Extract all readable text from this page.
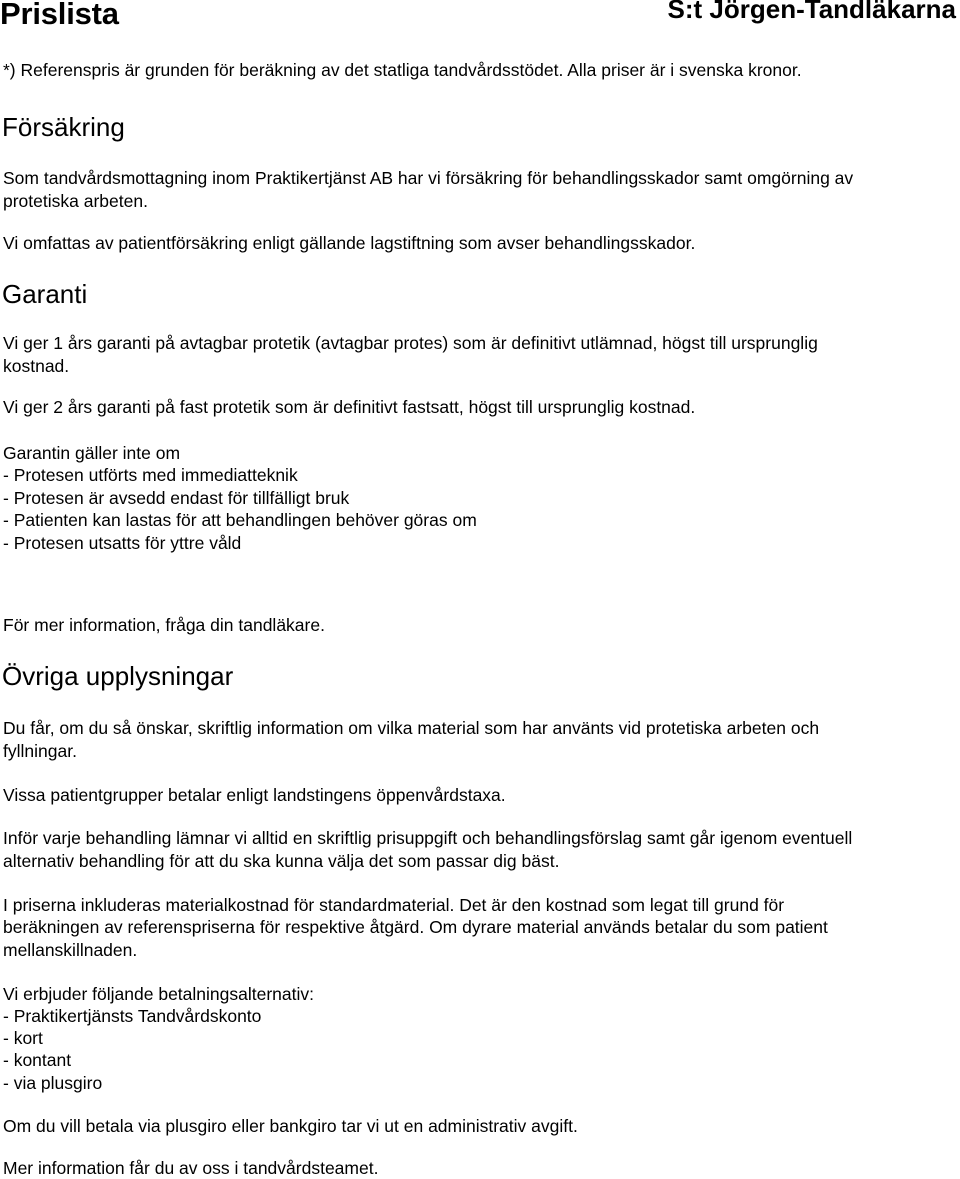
Prislista	S:t Jörgen-Tandläkarna
*) Referenspris är grunden för beräkning av det statliga tandvårdsstödet. Alla priser är i svenska kronor.
Försäkring
Som tandvårdsmottagning inom Praktikertjänst AB har vi försäkring för behandlingsskador samt omgörning av
protetiska arbeten.
Vi omfattas av patientförsäkring enligt gällande lagstiftning som avser behandlingsskador.
Garanti
Vi ger 1 års garanti på avtagbar protetik (avtagbar protes) som är definitivt utlämnad, högst till ursprunglig
kostnad.
Vi ger 2 års garanti på fast protetik som är definitivt fastsatt, högst till ursprunglig kostnad.
Garantin gäller inte om
- Protesen utförts med immediatteknik
- Protesen är avsedd endast för tillfälligt bruk
- Patienten kan lastas för att behandlingen behöver göras om
- Protesen utsatts för yttre våld
För mer information, fråga din tandläkare.
Övriga upplysningar
Du får, om du så önskar, skriftlig information om vilka material som har använts vid protetiska arbeten och
fyllningar.
Vissa patientgrupper betalar enligt landstingens öppenvårdstaxa.
Inför varje behandling lämnar vi alltid en skriftlig prisuppgift och behandlingsförslag samt går igenom eventuell
alternativ behandling för att du ska kunna välja det som passar dig bäst.
I priserna inkluderas materialkostnad för standardmaterial. Det är den kostnad som legat till grund för
beräkningen av referenspriserna för respektive åtgärd. Om dyrare material används betalar du som patient
mellanskillnaden.
Vi erbjuder följande betalningsalternativ:
- Praktikertjänsts Tandvårdskonto
- kort
- kontant
- via plusgiro
Om du vill betala via plusgiro eller bankgiro tar vi ut en administrativ avgift.
Mer information får du av oss i tandvårdsteamet.
